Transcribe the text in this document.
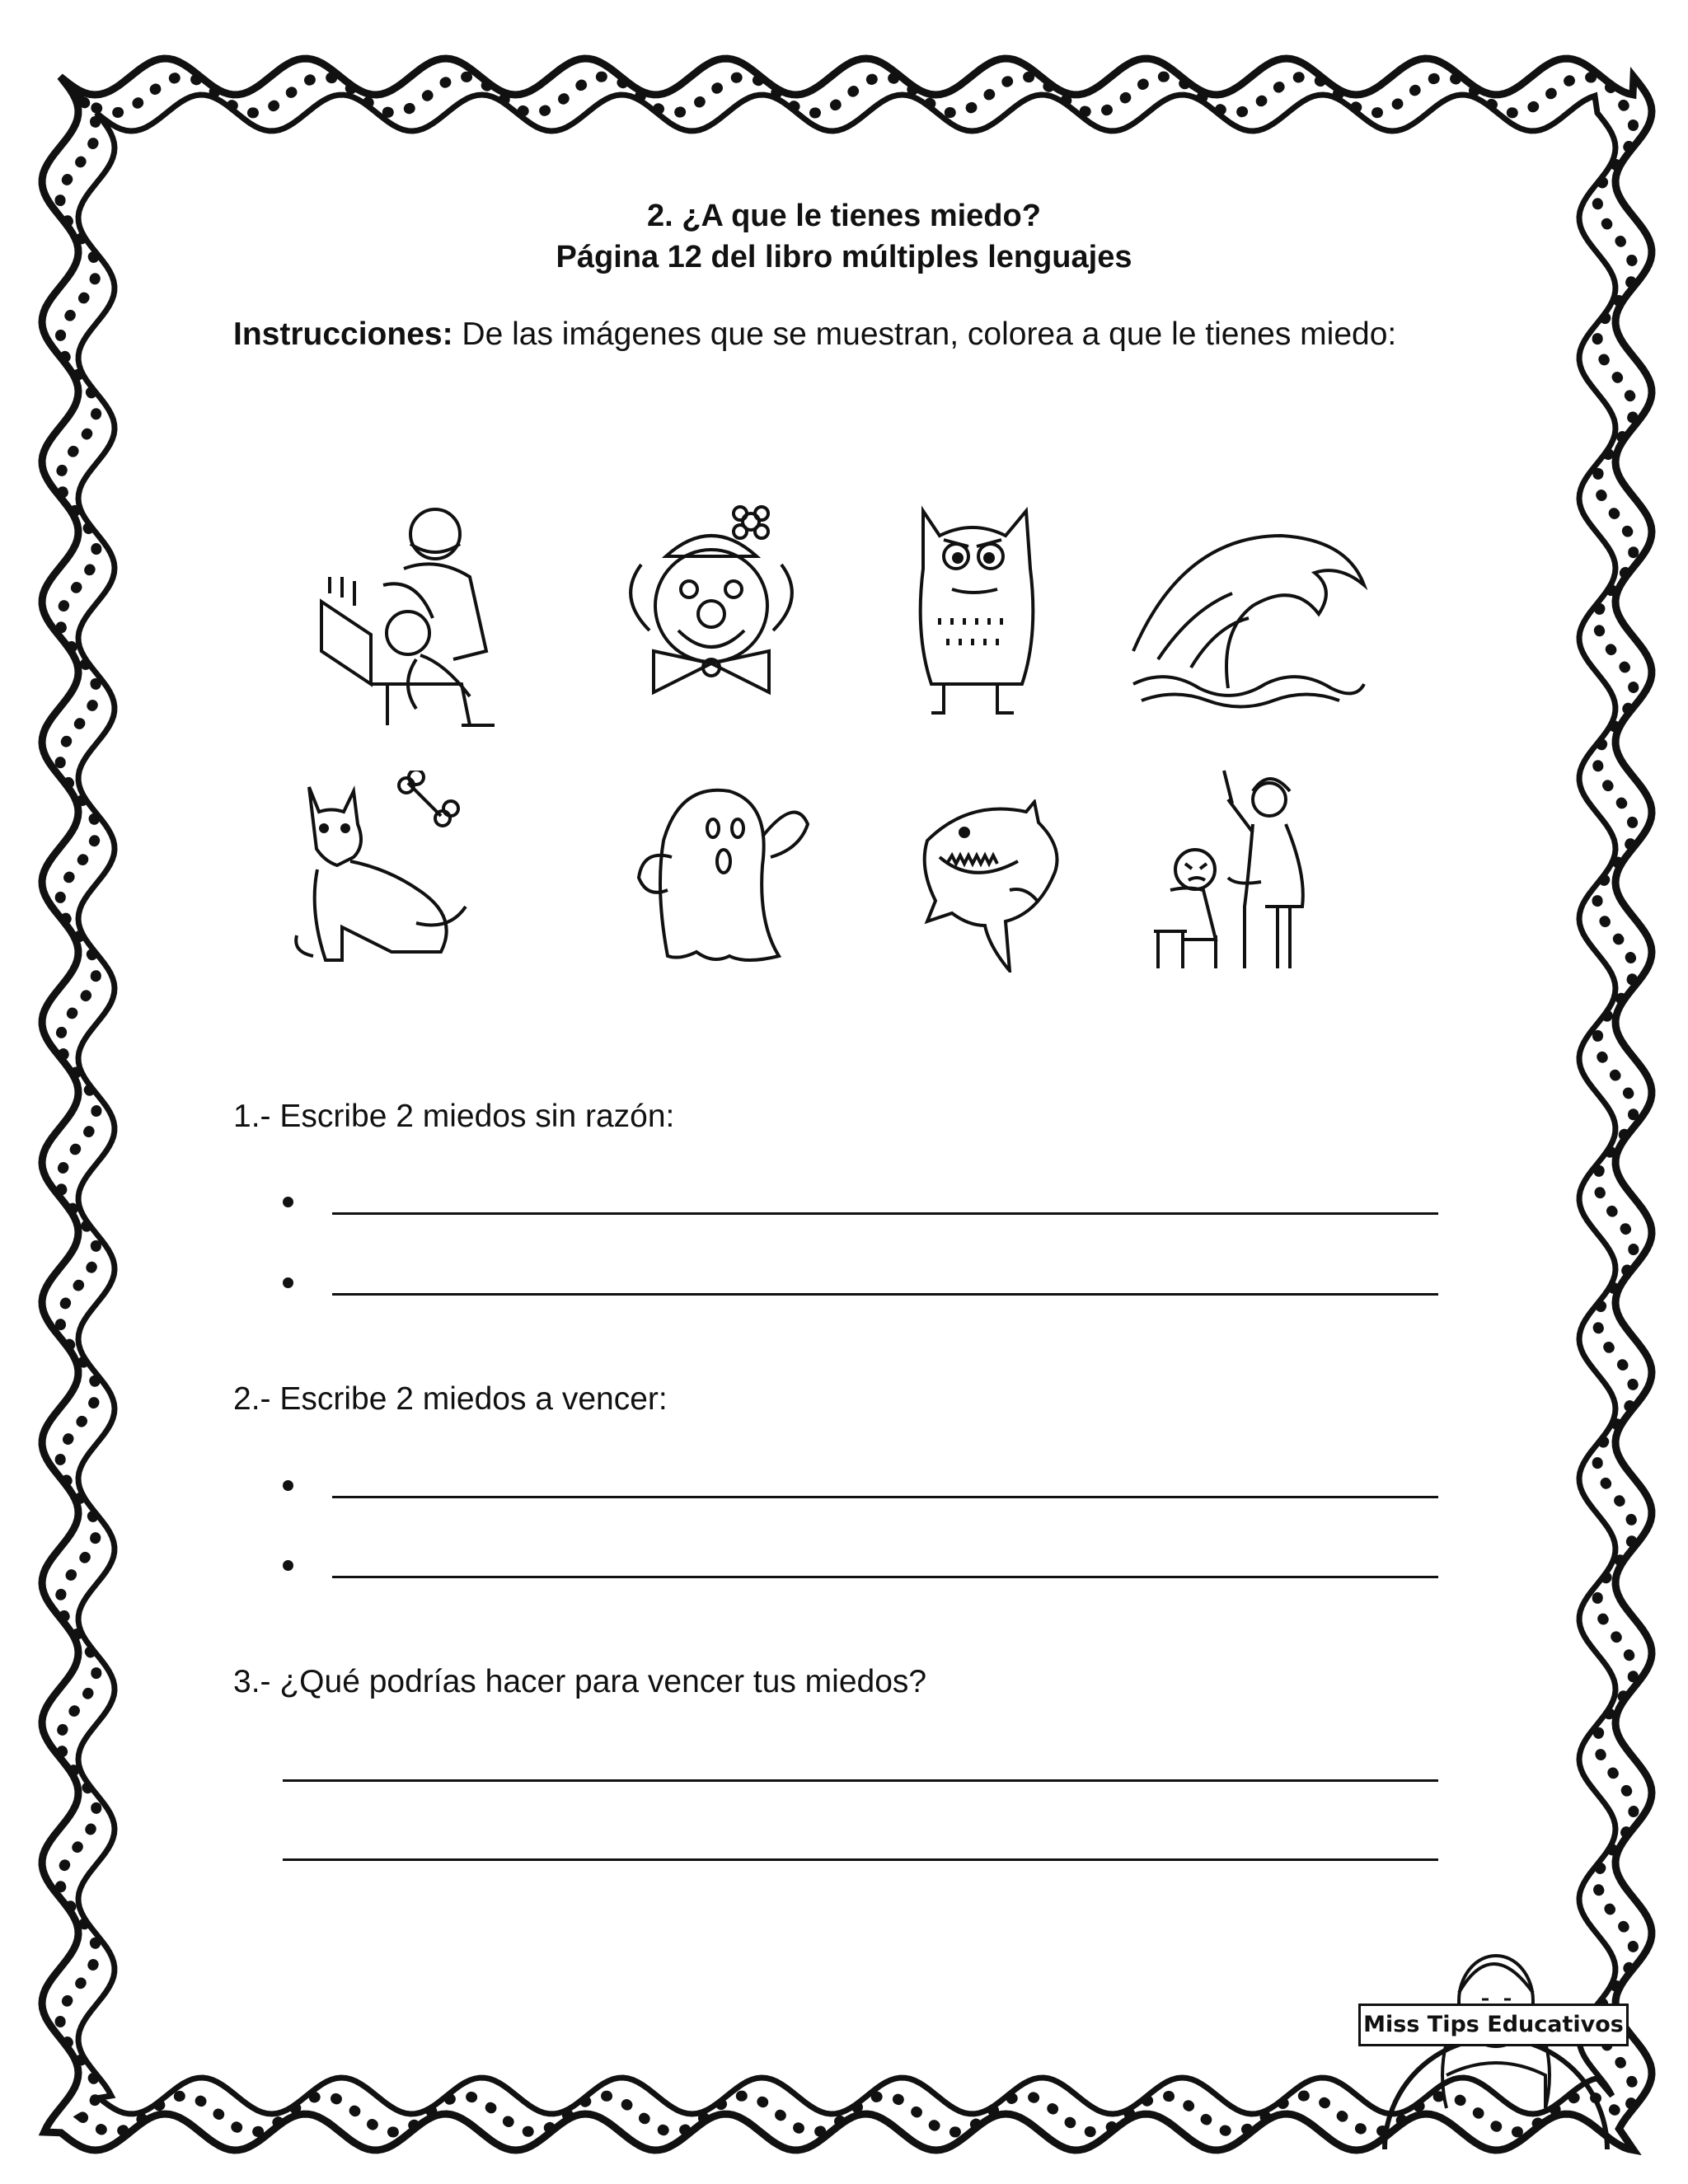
2. ¿A que le tienes miedo?
Página 12 del libro múltiples lenguajes
Instrucciones: De las imágenes que se muestran, colorea a que le tienes miedo:
1.- Escribe 2 miedos sin razón:
2.- Escribe 2 miedos a vencer:
3.- ¿Qué podrías hacer para vencer tus miedos?
Miss Tips Educativos
